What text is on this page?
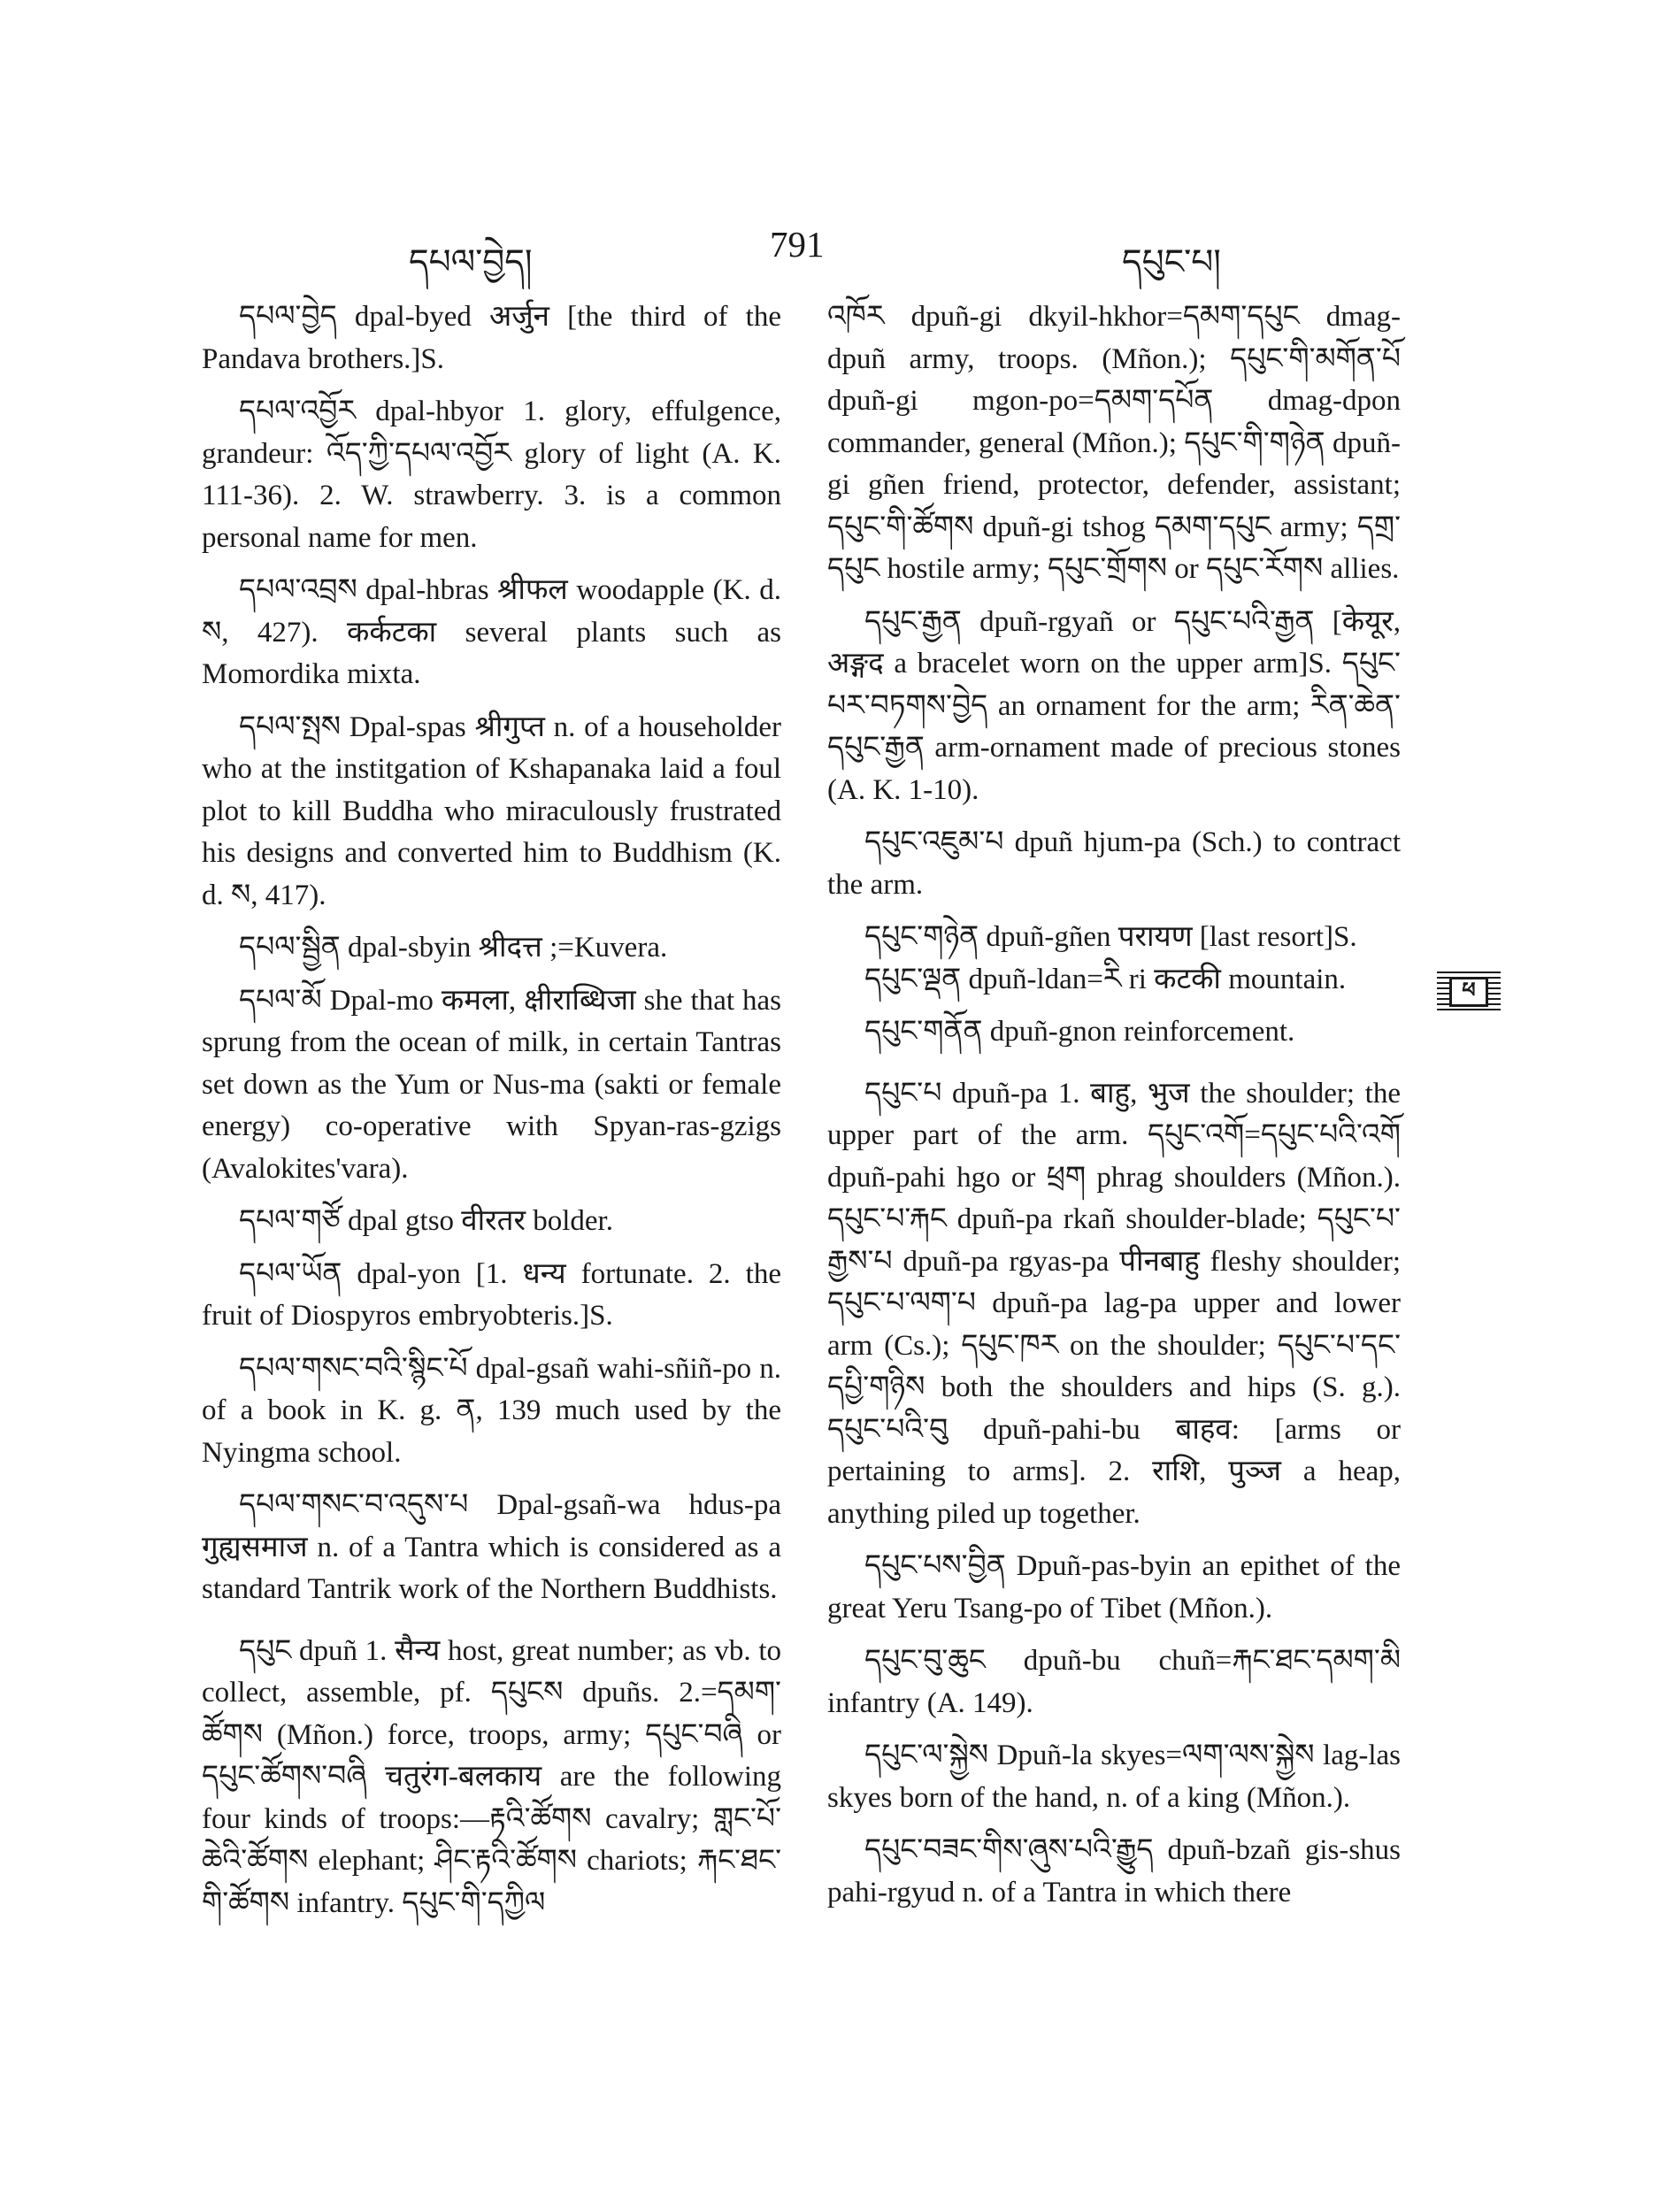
དཔལ་བྱེད།	791	དཔུང་པ།

དཔལ་བྱེད dpal-byed अर्जुन [the third of the Pandava brothers.]S.

དཔལ་འབྱོར dpal-hbyor 1. glory, effulgence, grandeur: འོད་ཀྱི་དཔལ་འབྱོར glory of light (A. K. 111-36). 2. W. strawberry. 3. is a common personal name for men.

དཔལ་འབྲས dpal-hbras श्रीफल woodapple (K. d. ས, 427). कर्कटका several plants such as Momordika mixta.

དཔལ་སྤས Dpal-spas श्रीगुप्त n. of a householder who at the institgation of Kshapanaka laid a foul plot to kill Buddha who miraculously frustrated his designs and converted him to Buddhism (K. d. ས, 417).

དཔལ་སྦྱིན dpal-sbyin श्रीदत्त ;=Kuvera.

དཔལ་མོ Dpal-mo कमला, क्षीराब्धिजा she that has sprung from the ocean of milk, in certain Tantras set down as the Yum or Nus-ma (sakti or female energy) co-operative with Spyan-ras-gzigs (Avalokites'vara).

དཔལ་གཙོ dpal gtso वीरतर bolder.

དཔལ་ཡོན dpal-yon [1. धन्य fortunate. 2. the fruit of Diospyros embryobteris.]S.

དཔལ་གསང་བའི་སྙིང་པོ dpal-gsañ wahi-sñiñ-po n. of a book in K. g. ན, 139 much used by the Nyingma school.

དཔལ་གསང་བ་འདུས་པ Dpal-gsañ-wa hdus-pa गुह्यसमाज n. of a Tantra which is considered as a standard Tantrik work of the Northern Buddhists.

དཔུང dpuñ 1. सैन्य host, great number; as vb. to collect, assemble, pf. དཔུངས dpuñs. 2.=དམག་ཚོགས (Mñon.) force, troops, army; དཔུང་བཞི or དཔུང་ཚོགས་བཞི चतुरंग-बलकाय are the following four kinds of troops:—རྟའི་ཚོགས cavalry; གླང་པོ་ཆེའི་ཚོགས elephant; ཤིང་རྟའི་ཚོགས chariots; རྐང་ཐང་གི་ཚོགས infantry. དཔུང་གི་དཀྱིལ

འཁོར dpuñ-gi dkyil-hkhor=དམག་དཔུང dmag-dpuñ army, troops. (Mñon.); དཔུང་གི་མགོན་པོ dpuñ-gi mgon-po=དམག་དཔོན dmag-dpon commander, general (Mñon.); དཔུང་གི་གཉེན dpuñ-gi gñen friend, protector, defender, assistant; དཔུང་གི་ཚོགས dpuñ-gi tshog དམག་དཔུང army; དགྲ་དཔུང hostile army; དཔུང་གྲོགས or དཔུང་རོགས allies.

དཔུང་རྒྱན dpuñ-rgyañ or དཔུང་པའི་རྒྱན [केयूर, अङ्गद a bracelet worn on the upper arm]S. དཔུང་པར་བཏགས་བྱེད an ornament for the arm; རིན་ཆེན་དཔུང་རྒྱན arm-ornament made of precious stones (A. K. 1-10).

དཔུང་འཇུམ་པ dpuñ hjum-pa (Sch.) to contract the arm.

དཔུང་གཉེན dpuñ-gñen परायण [last resort]S.

དཔུང་ལྡན dpuñ-ldan=རི ri कटकी mountain.

དཔུང་གནོན dpuñ-gnon reinforcement.

དཔུང་པ dpuñ-pa 1. बाहु, भुज the shoulder; the upper part of the arm. དཔུང་འགོ=དཔུང་པའི་འགོ dpuñ-pahi hgo or ཕྲག phrag shoulders (Mñon.). དཔུང་པ་རྐང dpuñ-pa rkañ shoulder-blade; དཔུང་པ་རྒྱས་པ dpuñ-pa rgyas-pa पीनबाहु fleshy shoulder; དཔུང་པ་ལག་པ dpuñ-pa lag-pa upper and lower arm (Cs.); དཔུང་ཁར on the shoulder; དཔུང་པ་དང་དཔྱི་གཉིས both the shoulders and hips (S. g.). དཔུང་པའི་བུ dpuñ-pahi-bu बाहव: [arms or pertaining to arms]. 2. राशि, पुञ्ज a heap, anything piled up together.

དཔུང་པས་བྱིན Dpuñ-pas-byin an epithet of the great Yeru Tsang-po of Tibet (Mñon.).

དཔུང་བུ་ཆུང dpuñ-bu chuñ=རྐང་ཐང་དམག་མི infantry (A. 149).

དཔུང་ལ་སྐྱེས Dpuñ-la skyes=ལག་ལས་སྐྱེས lag-las skyes born of the hand, n. of a king (Mñon.).

དཔུང་བཟང་གིས་ཞུས་པའི་རྒྱུད dpuñ-bzañ gis-shus pahi-rgyud n. of a Tantra in which there

ཕ
